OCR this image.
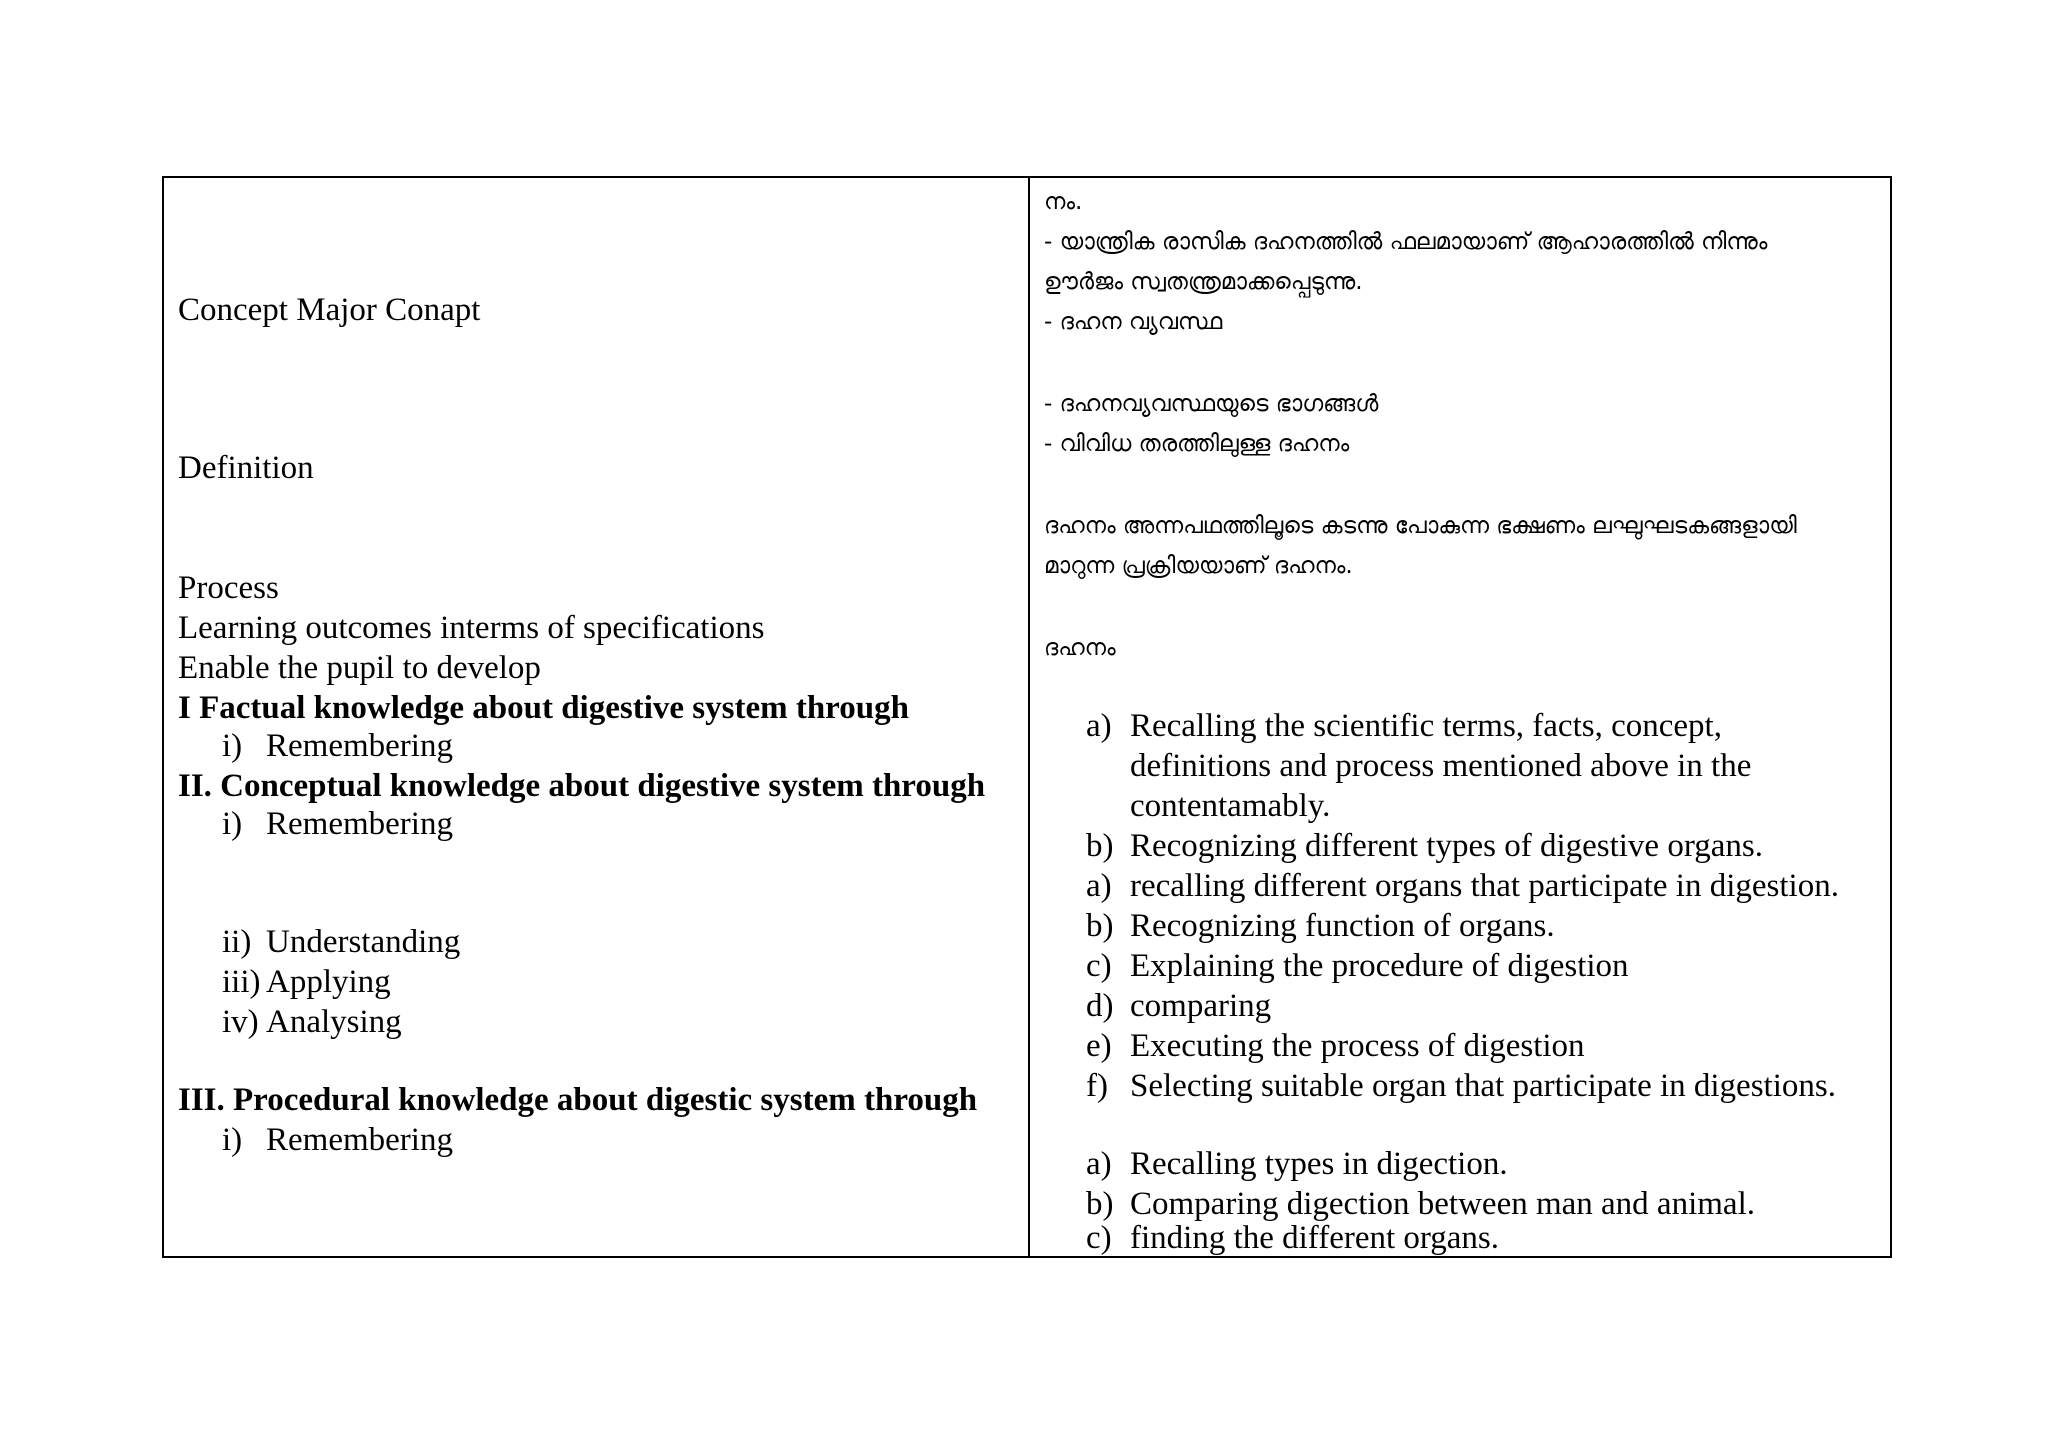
Concept Major Conapt
Definition
Process
Learning outcomes interms of specifications
Enable the pupil to develop
I Factual knowledge about digestive system through
i) Remembering
II. Conceptual knowledge about digestive system through
i) Remembering
ii) Understanding
iii) Applying
iv) Analysing
III. Procedural knowledge about digestic system through
i) Remembering
നം.
- യാന്ത്രിക രാസിക ദഹനത്തിൽ ഫലമായാണ് ആഹാരത്തിൽ നിന്നും
ഊർജം സ്വതന്ത്രമാക്കപ്പെടുന്നു.
- ദഹന വ്യവസ്ഥ
- ദഹനവ്യവസ്ഥയുടെ ഭാഗങ്ങൾ
- വിവിധ തരത്തിലുള്ള ദഹനം
ദഹനം അന്നപഥത്തിലൂടെ കടന്നു പോകുന്ന ഭക്ഷണം ലഘുഘടകങ്ങളായി
മാറുന്ന പ്രക്രിയയാണ് ദഹനം.
ദഹനം
a) Recalling the scientific terms, facts, concept,
definitions and process mentioned above in the
contentamably.
b) Recognizing different types of digestive organs.
a) recalling different organs that participate in digestion.
b) Recognizing function of organs.
c) Explaining the procedure of digestion
d) comparing
e) Executing the process of digestion
f) Selecting suitable organ that participate in digestions.
a) Recalling types in digection.
b) Comparing digection between man and animal.
c) finding the different organs.
